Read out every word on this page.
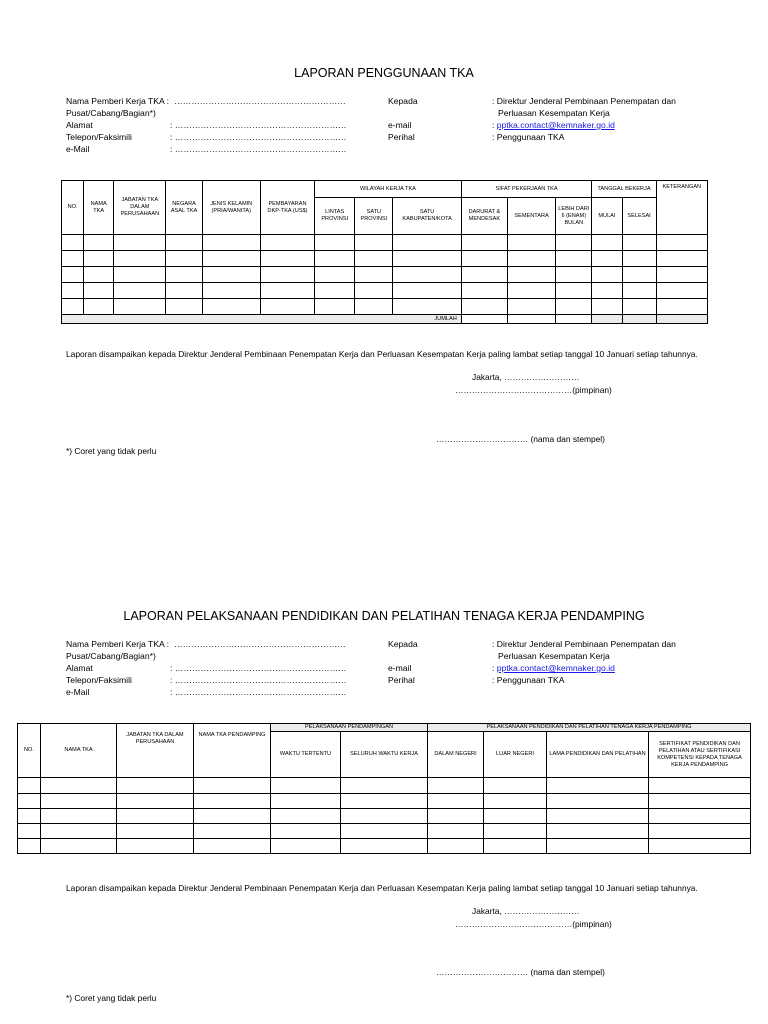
LAPORAN PENGGUNAAN TKA
Nama Pemberi Kerja TKA : ……………………………………………………
Pusat/Cabang/Bagian*)
Alamat	: ……………………………………………………
Telepon/Faksimili	: ……………………………………………………
e-Mail	: ……………………………………………………
Kepada	: Direktur Jenderal Pembinaan Penempatan dan
Perluasan Kesempatan Kerja
e-mail	: pptka.contact@kemnaker.go.id
Perihal	: Penggunaan TKA
NO.	NAMA TKA	JABATAN TKA DALAM PERUSAHAAN	NEGARA ASAL TKA	JENIS KELAMIN (PRIA/WANITA)	PEMBAYARAN DKP-TKA (US$)	WILAYAH KERJA TKA			SIFAT PEKERJAAN TKA			TANGGAL BEKERJA		KETERANGAN
						LINTAS PROVINSI	SATU PROVINSI	SATU KABUPATEN/KOTA	DARURAT & MENDESAK	SEMENTARA	LEBIH DARI 6 (ENAM) BULAN	MULAI	SELESAI	

JUMLAH														
Laporan disampaikan kepada Direktur Jenderal Pembinaan Penempatan Kerja dan Perluasan Kesempatan Kerja paling lambat setiap tanggal 10 Januari setiap tahunnya.
Jakarta, ………………………
……………………………………(pimpinan)
…………………………… (nama dan stempel)
*) Coret yang tidak perlu
LAPORAN PELAKSANAAN PENDIDIKAN DAN PELATIHAN TENAGA KERJA PENDAMPING
Nama Pemberi Kerja TKA : ……………………………………………………
Pusat/Cabang/Bagian*)
Alamat	: ……………………………………………………
Telepon/Faksimili	: ……………………………………………………
e-Mail	: ……………………………………………………
Kepada	: Direktur Jenderal Pembinaan Penempatan dan
Perluasan Kesempatan Kerja
e-mail	: pptka.contact@kemnaker.go.id
Perihal	: Penggunaan TKA
NO.	NAMA TKA	JABATAN TKA DALAM PERUSAHAAN	NAMA TKA PENDAMPING	PELAKSANAAN PENDAMPINGAN		PELAKSANAAN PENDIDIKAN DAN PELATIHAN TENAGA KERJA PENDAMPING			
				WAKTU TERTENTU	SELURUH WAKTU KERJA	DALAM NEGERI	LUAR NEGERI	LAMA PENDIDIKAN DAN PELATIHAN	SERTIFIKAT PENDIDIKAN DAN PELATIHAN ATAU SERTIFIKASI KOMPETENSI KEPADA TENAGA KERJA PENDAMPING

Laporan disampaikan kepada Direktur Jenderal Pembinaan Penempatan Kerja dan Perluasan Kesempatan Kerja paling lambat setiap tanggal 10 Januari setiap tahunnya.
Jakarta, ………………………
……………………………………(pimpinan)
…………………………… (nama dan stempel)
*) Coret yang tidak perlu
